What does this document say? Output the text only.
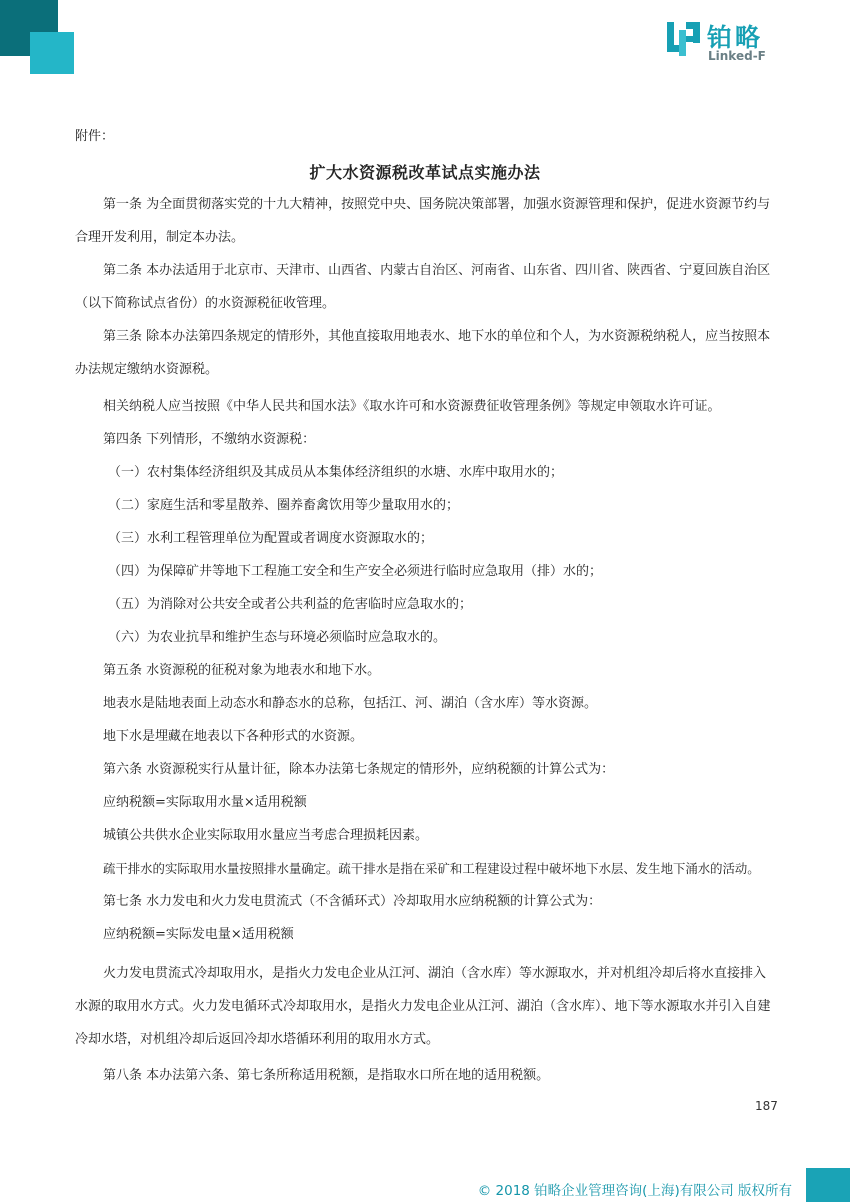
铂略
Linked-F
附件：
扩大水资源税改革试点实施办法
第一条 为全面贯彻落实党的十九大精神，按照党中央、国务院决策部署，加强水资源管理和保护，促进水资源节约与合理开发利用，制定本办法。
第二条 本办法适用于北京市、天津市、山西省、内蒙古自治区、河南省、山东省、四川省、陕西省、宁夏回族自治区（以下简称试点省份）的水资源税征收管理。
第三条 除本办法第四条规定的情形外，其他直接取用地表水、地下水的单位和个人，为水资源税纳税人，应当按照本办法规定缴纳水资源税。
相关纳税人应当按照《中华人民共和国水法》《取水许可和水资源费征收管理条例》等规定申领取水许可证。
第四条 下列情形，不缴纳水资源税：
（一）农村集体经济组织及其成员从本集体经济组织的水塘、水库中取用水的；
（二）家庭生活和零星散养、圈养畜禽饮用等少量取用水的；
（三）水利工程管理单位为配置或者调度水资源取水的；
（四）为保障矿井等地下工程施工安全和生产安全必须进行临时应急取用（排）水的；
（五）为消除对公共安全或者公共利益的危害临时应急取水的；
（六）为农业抗旱和维护生态与环境必须临时应急取水的。
第五条 水资源税的征税对象为地表水和地下水。
地表水是陆地表面上动态水和静态水的总称，包括江、河、湖泊（含水库）等水资源。
地下水是埋藏在地表以下各种形式的水资源。
第六条 水资源税实行从量计征，除本办法第七条规定的情形外，应纳税额的计算公式为：
应纳税额=实际取用水量×适用税额
城镇公共供水企业实际取用水量应当考虑合理损耗因素。
疏干排水的实际取用水量按照排水量确定。疏干排水是指在采矿和工程建设过程中破坏地下水层、发生地下涌水的活动。
第七条 水力发电和火力发电贯流式（不含循环式）冷却取用水应纳税额的计算公式为：
应纳税额=实际发电量×适用税额
火力发电贯流式冷却取用水，是指火力发电企业从江河、湖泊（含水库）等水源取水，并对机组冷却后将水直接排入水源的取用水方式。火力发电循环式冷却取用水，是指火力发电企业从江河、湖泊（含水库）、地下等水源取水并引入自建冷却水塔，对机组冷却后返回冷却水塔循环利用的取用水方式。
第八条 本办法第六条、第七条所称适用税额，是指取水口所在地的适用税额。
187
© 2018 铂略企业管理咨询(上海)有限公司 版权所有
